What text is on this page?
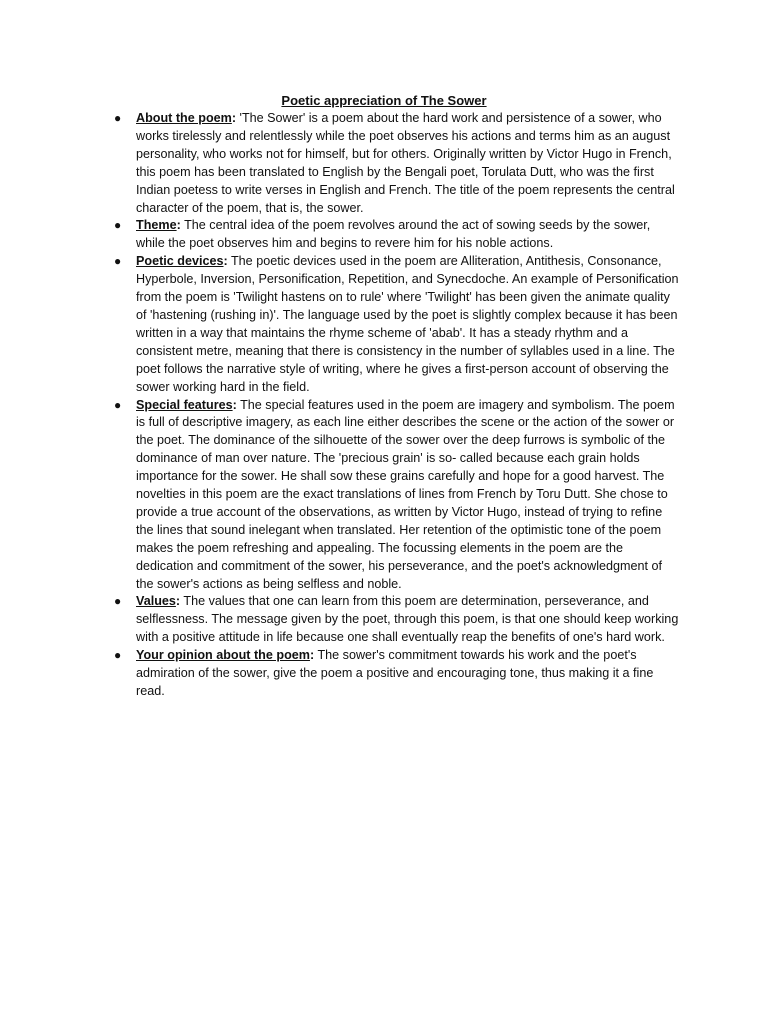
Poetic appreciation of The Sower
● About the poem: 'The Sower' is a poem about the hard work and persistence of a sower, who works tirelessly and relentlessly while the poet observes his actions and terms him as an august personality, who works not for himself, but for others. Originally written by Victor Hugo in French, this poem has been translated to English by the Bengali poet, Torulata Dutt, who was the first Indian poetess to write verses in English and French. The title of the poem represents the central character of the poem, that is, the sower.
● Theme: The central idea of the poem revolves around the act of sowing seeds by the sower, while the poet observes him and begins to revere him for his noble actions.
● Poetic devices: The poetic devices used in the poem are Alliteration, Antithesis, Consonance, Hyperbole, Inversion, Personification, Repetition, and Synecdoche. An example of Personification from the poem is 'Twilight hastens on to rule' where 'Twilight' has been given the animate quality of 'hastening (rushing in)'. The language used by the poet is slightly complex because it has been written in a way that maintains the rhyme scheme of 'abab'. It has a steady rhythm and a consistent metre, meaning that there is consistency in the number of syllables used in a line. The poet follows the narrative style of writing, where he gives a first-person account of observing the sower working hard in the field.
● Special features: The special features used in the poem are imagery and symbolism. The poem is full of descriptive imagery, as each line either describes the scene or the action of the sower or the poet. The dominance of the silhouette of the sower over the deep furrows is symbolic of the dominance of man over nature. The 'precious grain' is so- called because each grain holds importance for the sower. He shall sow these grains carefully and hope for a good harvest. The novelties in this poem are the exact translations of lines from French by Toru Dutt. She chose to provide a true account of the observations, as written by Victor Hugo, instead of trying to refine the lines that sound inelegant when translated. Her retention of the optimistic tone of the poem makes the poem refreshing and appealing. The focussing elements in the poem are the dedication and commitment of the sower, his perseverance, and the poet's acknowledgment of the sower's actions as being selfless and noble.
● Values: The values that one can learn from this poem are determination, perseverance, and selflessness. The message given by the poet, through this poem, is that one should keep working with a positive attitude in life because one shall eventually reap the benefits of one's hard work.
● Your opinion about the poem: The sower's commitment towards his work and the poet's admiration of the sower, give the poem a positive and encouraging tone, thus making it a fine read.
